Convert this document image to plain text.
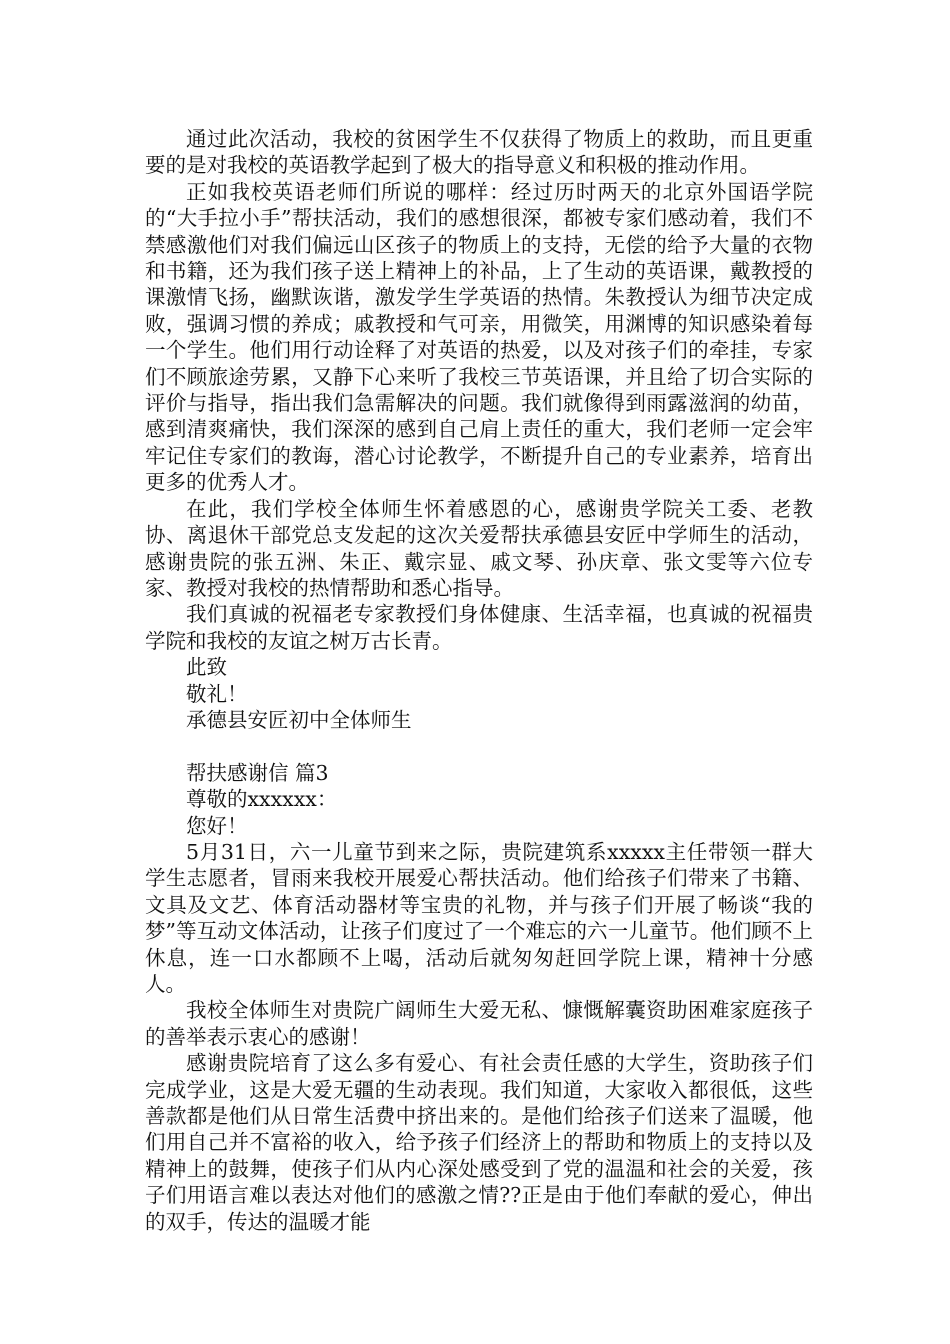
通过此次活动，我校的贫困学生不仅获得了物质上的救助，而且更重要的是对我校的英语教学起到了极大的指导意义和积极的推动作用。

正如我校英语老师们所说的哪样：经过历时两天的北京外国语学院的“大手拉小手”帮扶活动，我们的感想很深，都被专家们感动着，我们不禁感激他们对我们偏远山区孩子的物质上的支持，无偿的给予大量的衣物和书籍，还为我们孩子送上精神上的补品，上了生动的英语课，戴教授的课激情飞扬，幽默诙谐，激发学生学英语的热情。朱教授认为细节决定成败，强调习惯的养成；戚教授和气可亲，用微笑，用渊博的知识感染着每一个学生。他们用行动诠释了对英语的热爱，以及对孩子们的牵挂，专家们不顾旅途劳累，又静下心来听了我校三节英语课，并且给了切合实际的评价与指导，指出我们急需解决的问题。我们就像得到雨露滋润的幼苗，感到清爽痛快，我们深深的感到自己肩上责任的重大，我们老师一定会牢牢记住专家们的教诲，潜心讨论教学，不断提升自己的专业素养，培育出更多的优秀人才。

在此，我们学校全体师生怀着感恩的心，感谢贵学院关工委、老教协、离退休干部党总支发起的这次关爱帮扶承德县安匠中学师生的活动，感谢贵院的张五洲、朱正、戴宗显、戚文琴、孙庆章、张文雯等六位专家、教授对我校的热情帮助和悉心指导。

我们真诚的祝福老专家教授们身体健康、生活幸福，也真诚的祝福贵学院和我校的友谊之树万古长青。

此致

敬礼！

承德县安匠初中全体师生

帮扶感谢信 篇3

尊敬的xxxxxx：

您好！

5月31日，六一儿童节到来之际，贵院建筑系xxxxx主任带领一群大学生志愿者，冒雨来我校开展爱心帮扶活动。他们给孩子们带来了书籍、文具及文艺、体育活动器材等宝贵的礼物，并与孩子们开展了畅谈“我的梦”等互动文体活动，让孩子们度过了一个难忘的六一儿童节。他们顾不上休息，连一口水都顾不上喝，活动后就匆匆赶回学院上课，精神十分感人。

我校全体师生对贵院广阔师生大爱无私、慷慨解囊资助困难家庭孩子的善举表示衷心的感谢！

感谢贵院培育了这么多有爱心、有社会责任感的大学生，资助孩子们完成学业，这是大爱无疆的生动表现。我们知道，大家收入都很低，这些善款都是他们从日常生活费中挤出来的。是他们给孩子们送来了温暖，他们用自己并不富裕的收入，给予孩子们经济上的帮助和物质上的支持以及精神上的鼓舞，使孩子们从内心深处感受到了党的温温和社会的关爱，孩子们用语言难以表达对他们的感激之情??正是由于他们奉献的爱心，伸出的双手，传达的温暖才能
